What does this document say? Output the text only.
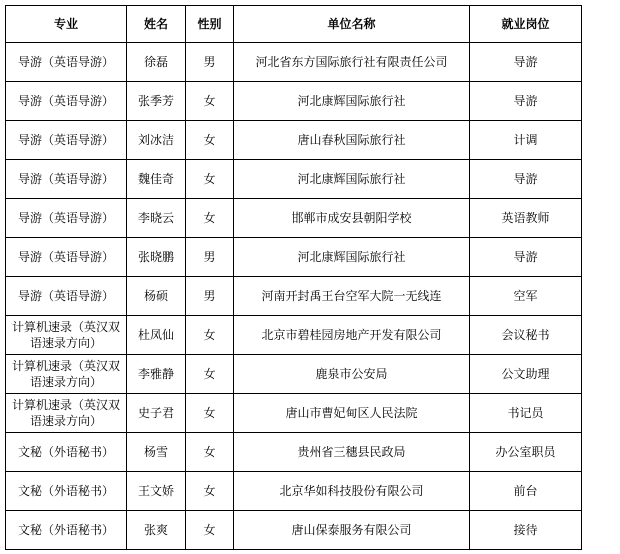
专业	姓名	性别	单位名称	就业岗位
导游（英语导游）	徐磊	男	河北省东方国际旅行社有限责任公司	导游
导游（英语导游）	张季芳	女	河北康辉国际旅行社	导游
导游（英语导游）	刘冰洁	女	唐山春秋国际旅行社	计调
导游（英语导游）	魏佳奇	女	河北康辉国际旅行社	导游
导游（英语导游）	李晓云	女	邯郸市成安县朝阳学校	英语教师
导游（英语导游）	张晓鹏	男	河北康辉国际旅行社	导游
导游（英语导游）	杨硕	男	河南开封禹王台空军大院一无线连	空军
计算机速录（英汉双语速录方向）	杜凤仙	女	北京市碧桂园房地产开发有限公司	会议秘书
计算机速录（英汉双语速录方向）	李雅静	女	鹿泉市公安局	公文助理
计算机速录（英汉双语速录方向）	史子君	女	唐山市曹妃甸区人民法院	书记员
文秘（外语秘书）	杨雪	女	贵州省三穗县民政局	办公室职员
文秘（外语秘书）	王文娇	女	北京华如科技股份有限公司	前台
文秘（外语秘书）	张爽	女	唐山保泰服务有限公司	接待
